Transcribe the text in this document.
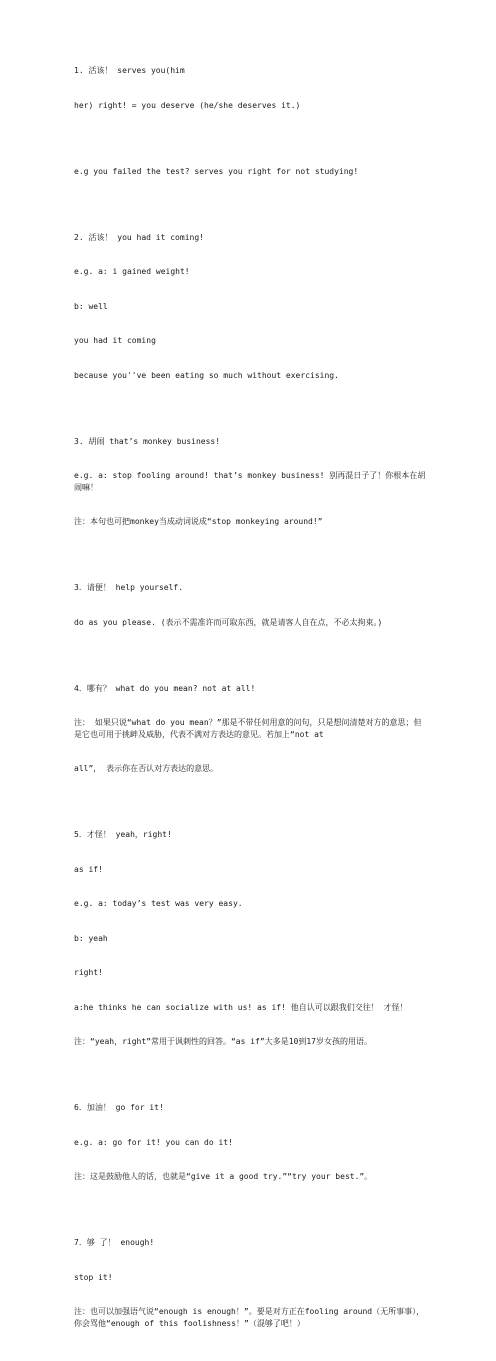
1. 活该！ serves you(him

her) right! = you deserve (he/she deserves it.)

e.g you failed the test? serves you right for not studying!

2. 活该！ you had it coming!

e.g. a: i gained weight!

b: well

you had it coming

because you''ve been eating so much without exercising.

3. 胡闹 that’s monkey business!

e.g. a: stop fooling around! that’s monkey business! 别再混日子了！你根本在胡闹嘛！

注：本句也可把monkey当成动词说成“stop monkeying around!”

3．请便！ help yourself.

do as you please. (表示不需准许而可取东西，就是请客人自在点，不必太拘束。)

4．哪有？ what do you mean? not at all!

注： 如果只说“what do you mean？”那是不带任何用意的问句，只是想问清楚对方的意思；但是它也可用于挑衅及威胁，代表不满对方表达的意见。若加上“not at

all”， 表示你在否认对方表达的意思。

5．才怪！ yeah，right!

as if!

e.g. a: today’s test was very easy.

b: yeah

right!

a:he thinks he can socialize with us! as if! 他自认可以跟我们交往！ 才怪！

注：“yeah，right”常用于讽刺性的回答。“as if”大多是10到17岁女孩的用语。

6．加油！ go for it!

e.g. a: go for it! you can do it!

注：这是鼓励他人的话，也就是“give it a good try.”“try your best.”。

7．够 了！ enough!

stop it!

注：也可以加强语气说“enough is enough！”。要是对方正在fooling around（无所事事），你会骂他“enough of this foolishness！”（混够了吧！）
